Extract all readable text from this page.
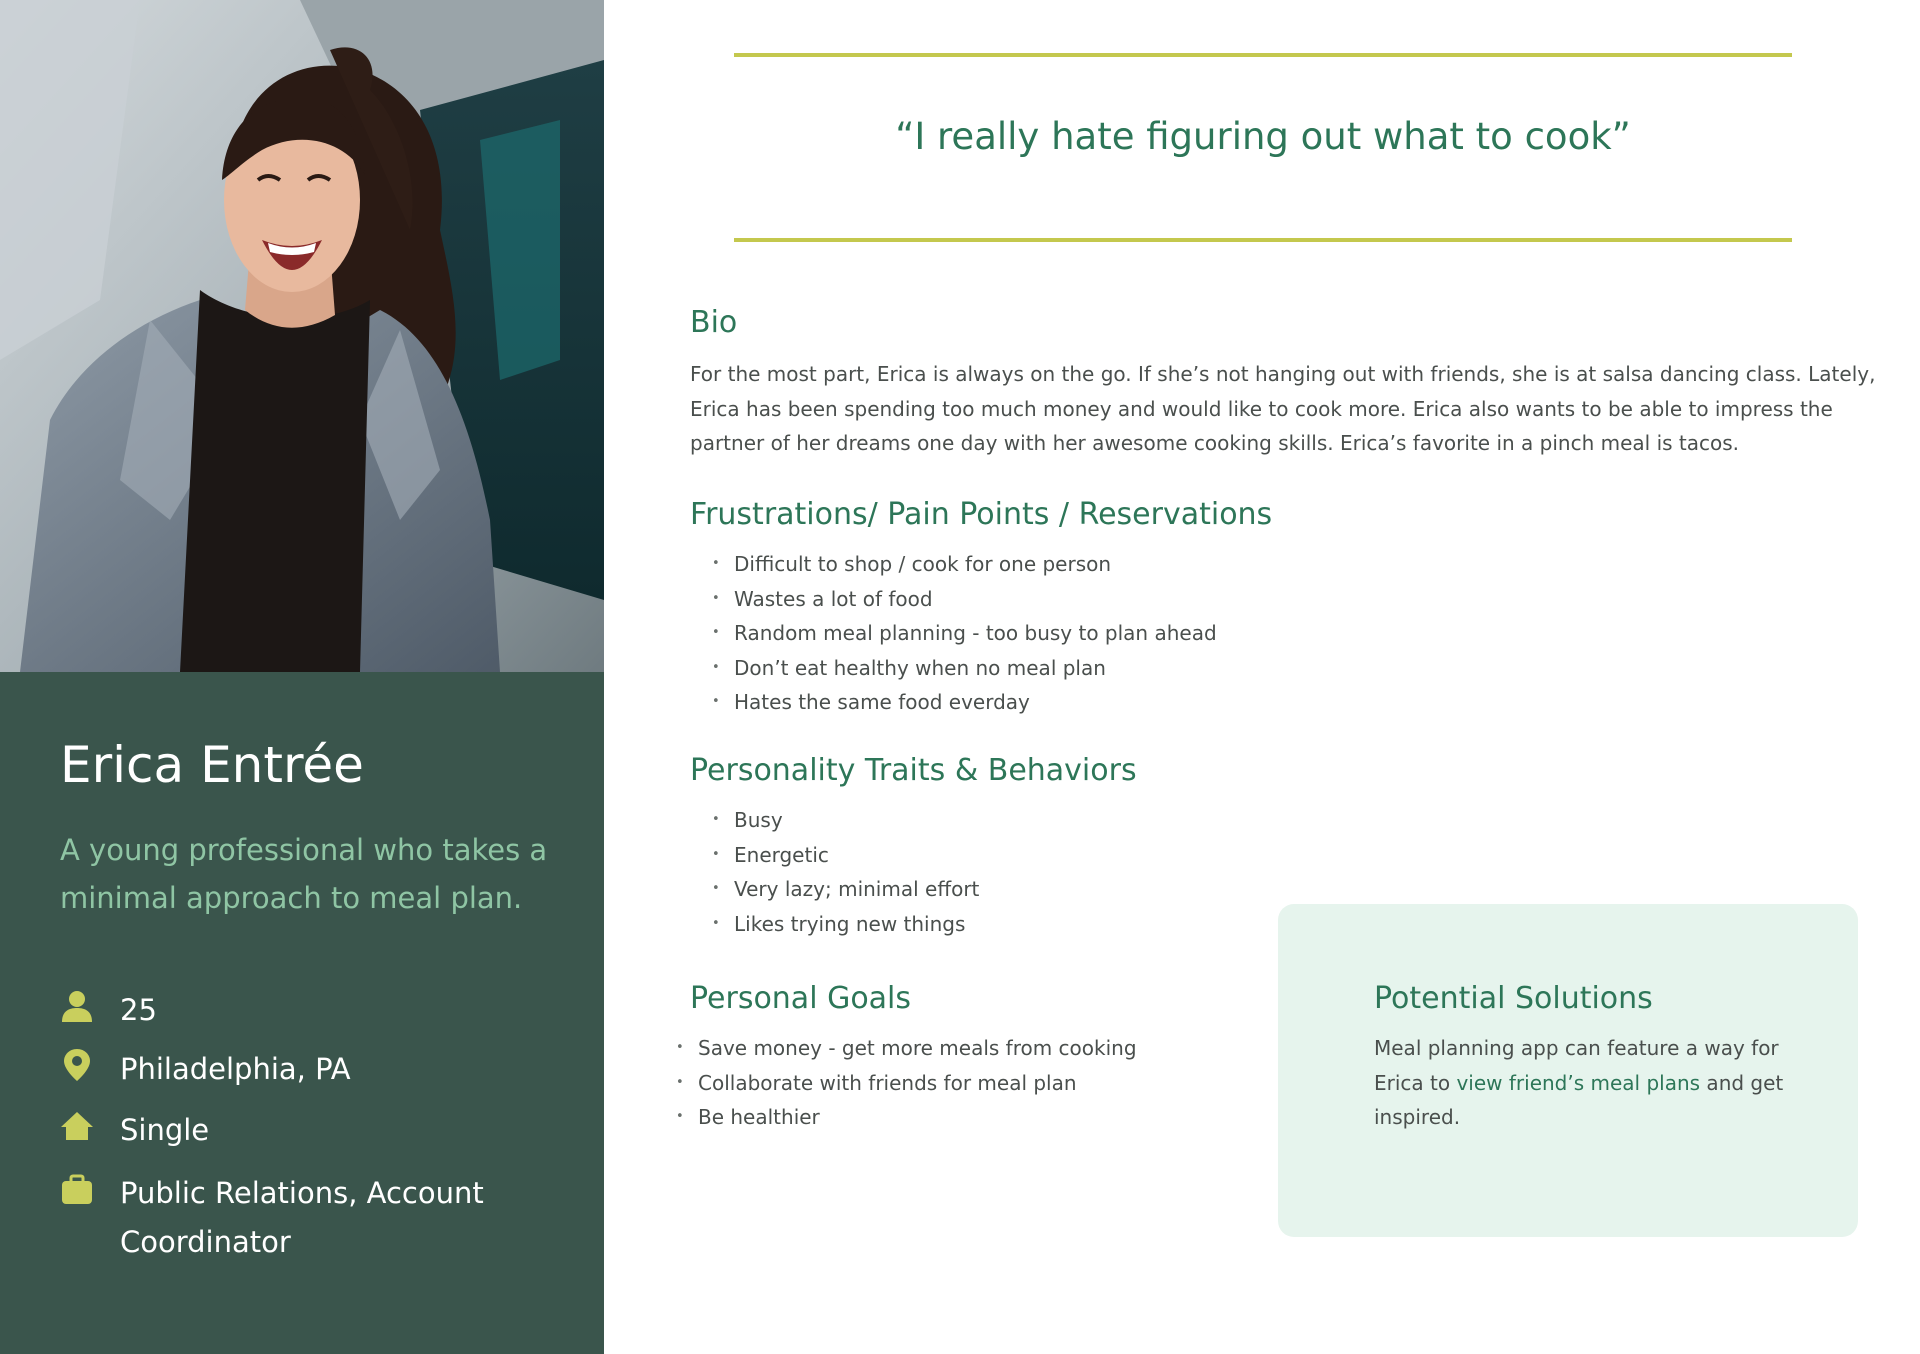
Erica Entrée

A young professional who takes a minimal approach to meal plan.

25
Philadelphia, PA
Single
Public Relations, Account Coordinator

“I really hate figuring out what to cook”

Bio

For the most part, Erica is always on the go. If she’s not hanging out with friends, she is at salsa dancing class. Lately, Erica has been spending too much money and would like to cook more. Erica also wants to be able to impress the partner of her dreams one day with her awesome cooking skills. Erica’s favorite in a pinch meal is tacos.

Frustrations/ Pain Points / Reservations
• Difficult to shop / cook for one person
• Wastes a lot of food
• Random meal planning - too busy to plan ahead
• Don’t eat healthy when no meal plan
• Hates the same food everday
Personality Traits & Behaviors
• Busy
• Energetic
• Very lazy; minimal effort
• Likes trying new things
Personal Goals
• Save money - get more meals from cooking
• Collaborate with friends for meal plan
• Be healthier
Potential Solutions

Meal planning app can feature a way for Erica to view friend’s meal plans and get inspired.
